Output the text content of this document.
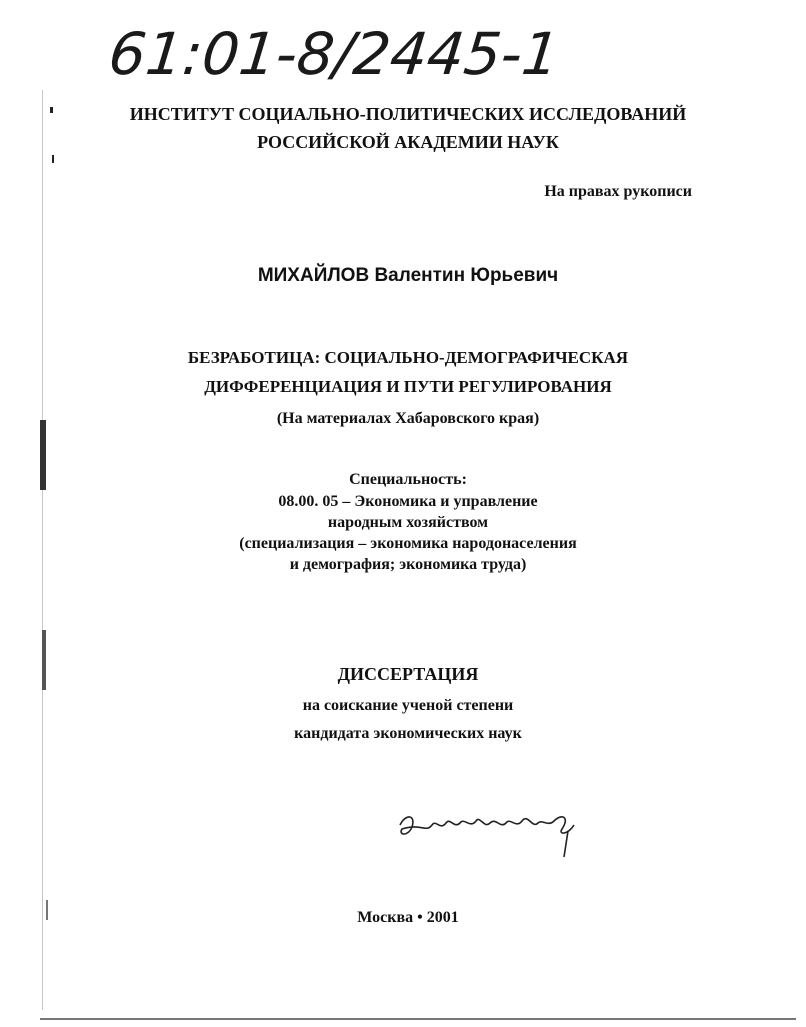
61:01-8/2445-1
ИНСТИТУТ СОЦИАЛЬНО-ПОЛИТИЧЕСКИХ ИССЛЕДОВАНИЙ
РОССИЙСКОЙ АКАДЕМИИ НАУК
На правах рукописи
МИХАЙЛОВ Валентин Юрьевич
БЕЗРАБОТИЦА: СОЦИАЛЬНО-ДЕМОГРАФИЧЕСКАЯ
ДИФФЕРЕНЦИАЦИЯ И ПУТИ РЕГУЛИРОВАНИЯ
(На материалах Хабаровского края)
Специальность:
08.00. 05 – Экономика и управление
народным хозяйством
(специализация – экономика народонаселения
и демография; экономика труда)
ДИССЕРТАЦИЯ
на соискание ученой степени
кандидата экономических наук
Москва • 2001
